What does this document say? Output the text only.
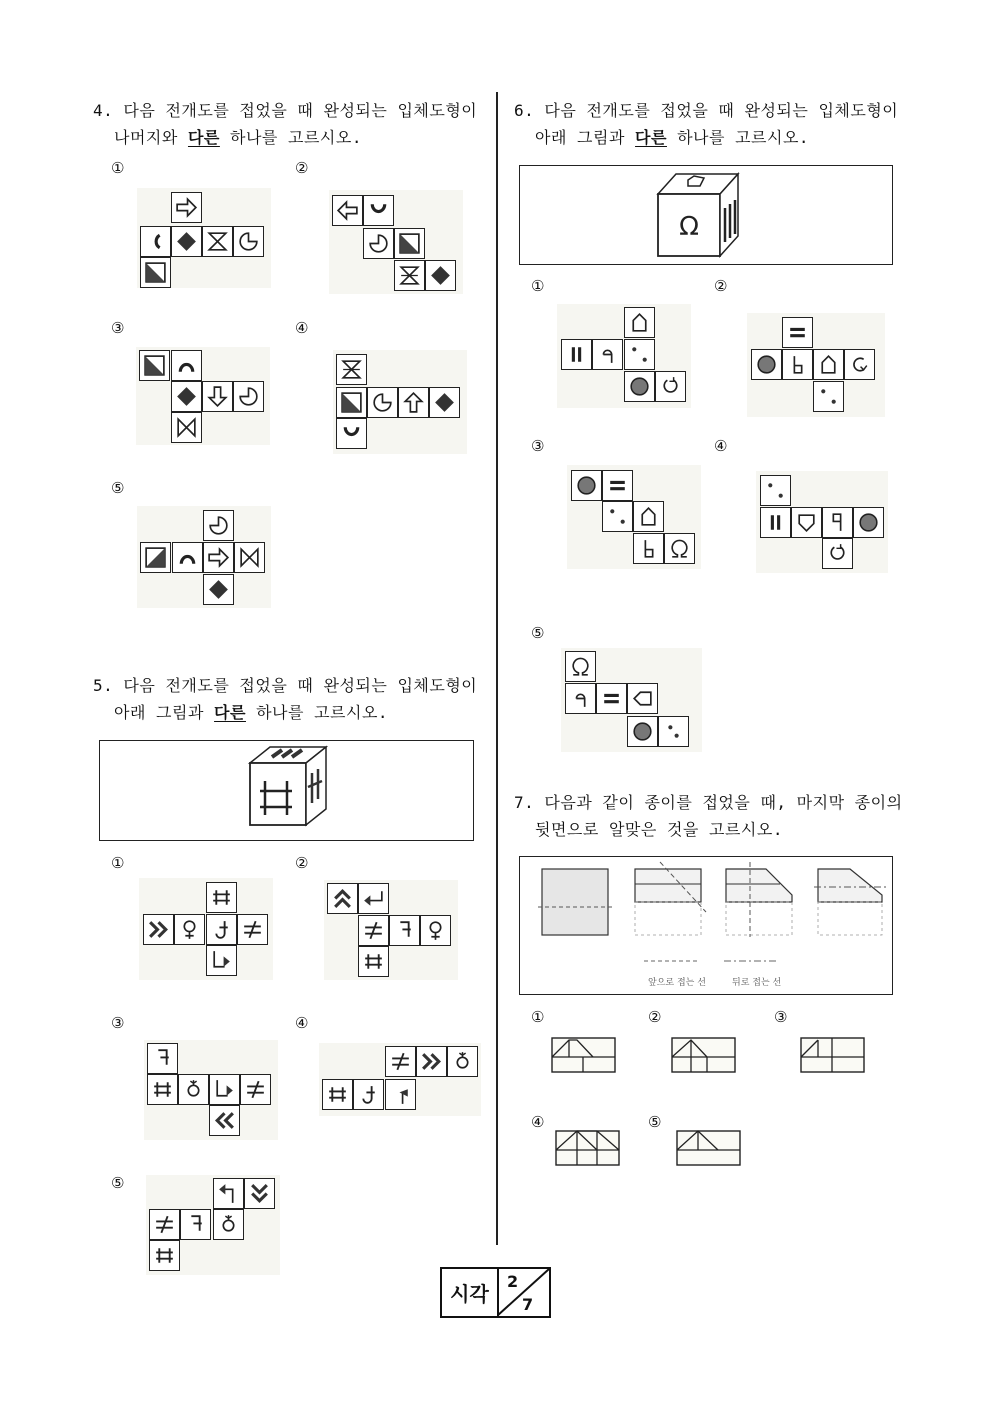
4. 다음 전개도를 접었을 때 완성되는 입체도형이
나머지와 다른 하나를 고르시오.
①	②
③	④
⑤
5. 다음 전개도를 접었을 때 완성되는 입체도형이
아래 그림과 다른 하나를 고르시오.
①	②
③	④
⑤
6. 다음 전개도를 접었을 때 완성되는 입체도형이
아래 그림과 다른 하나를 고르시오.
Ω
①	②
③	④
⑤
7. 다음과 같이 종이를 접었을 때, 마지막 종이의
뒷면으로 알맞은 것을 고르시오.
앞으로 접는 선	뒤로 접는 선
①	②	③
④	⑤
시각
2
7
